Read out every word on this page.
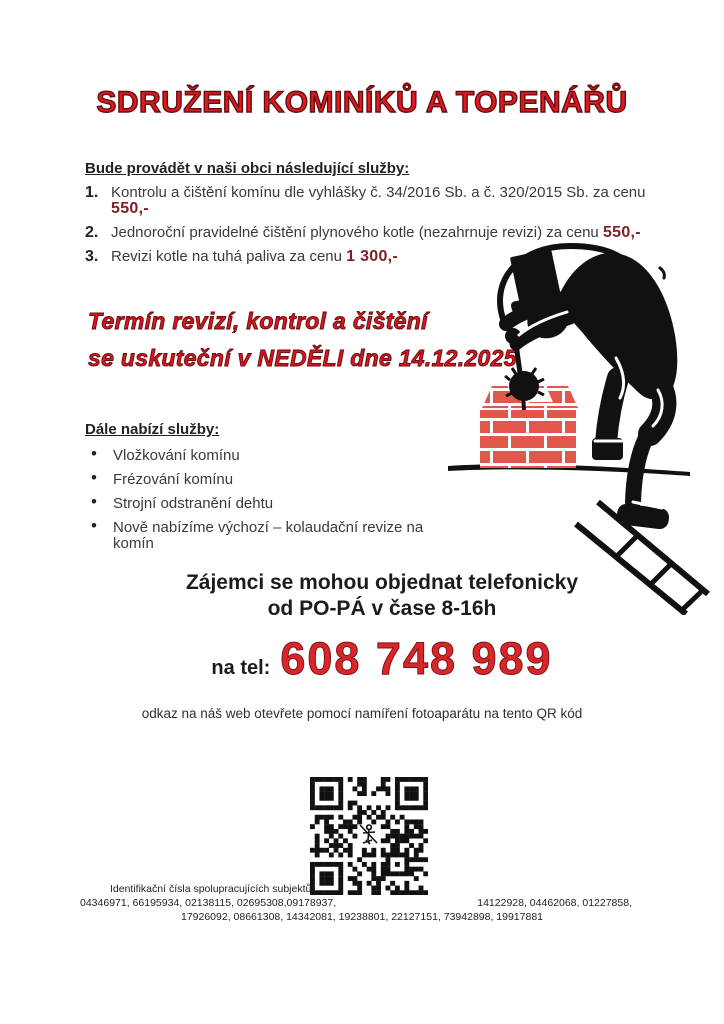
SDRUŽENÍ KOMINÍKŮ A TOPENÁŘŮ
Bude provádět v naši obci následující služby:
1. Kontrolu a čištění komínu dle vyhlášky č. 34/2016 Sb. a č. 320/2015 Sb. za cenu 550,-
2. Jednoroční pravidelné čištění plynového kotle (nezahrnuje revizi) za cenu 550,-
3. Revizi kotle na tuhá paliva za cenu 1 300,-
Termín revizí, kontrol a čištění
se uskuteční v NEDĚLI dne 14.12.2025
Dále nabízí služby:
• Vložkování komínu
• Frézování komínu
• Strojní odstranění dehtu
• Nově nabízíme výchozí – kolaudační revize na komín
Zájemci se mohou objednat telefonicky
od PO-PÁ v čase 8-16h
na tel: 608 748 989
odkaz na náš web otevřete pomocí namíření fotoaparátu na tento QR kód
Identifikační čísla spolupracujících subjektů:
04346971, 66195934, 02138115, 02695308,09178937,	14122928, 04462068, 01227858,
17926092, 08661308, 14342081, 19238801, 22127151, 73942898, 19917881
